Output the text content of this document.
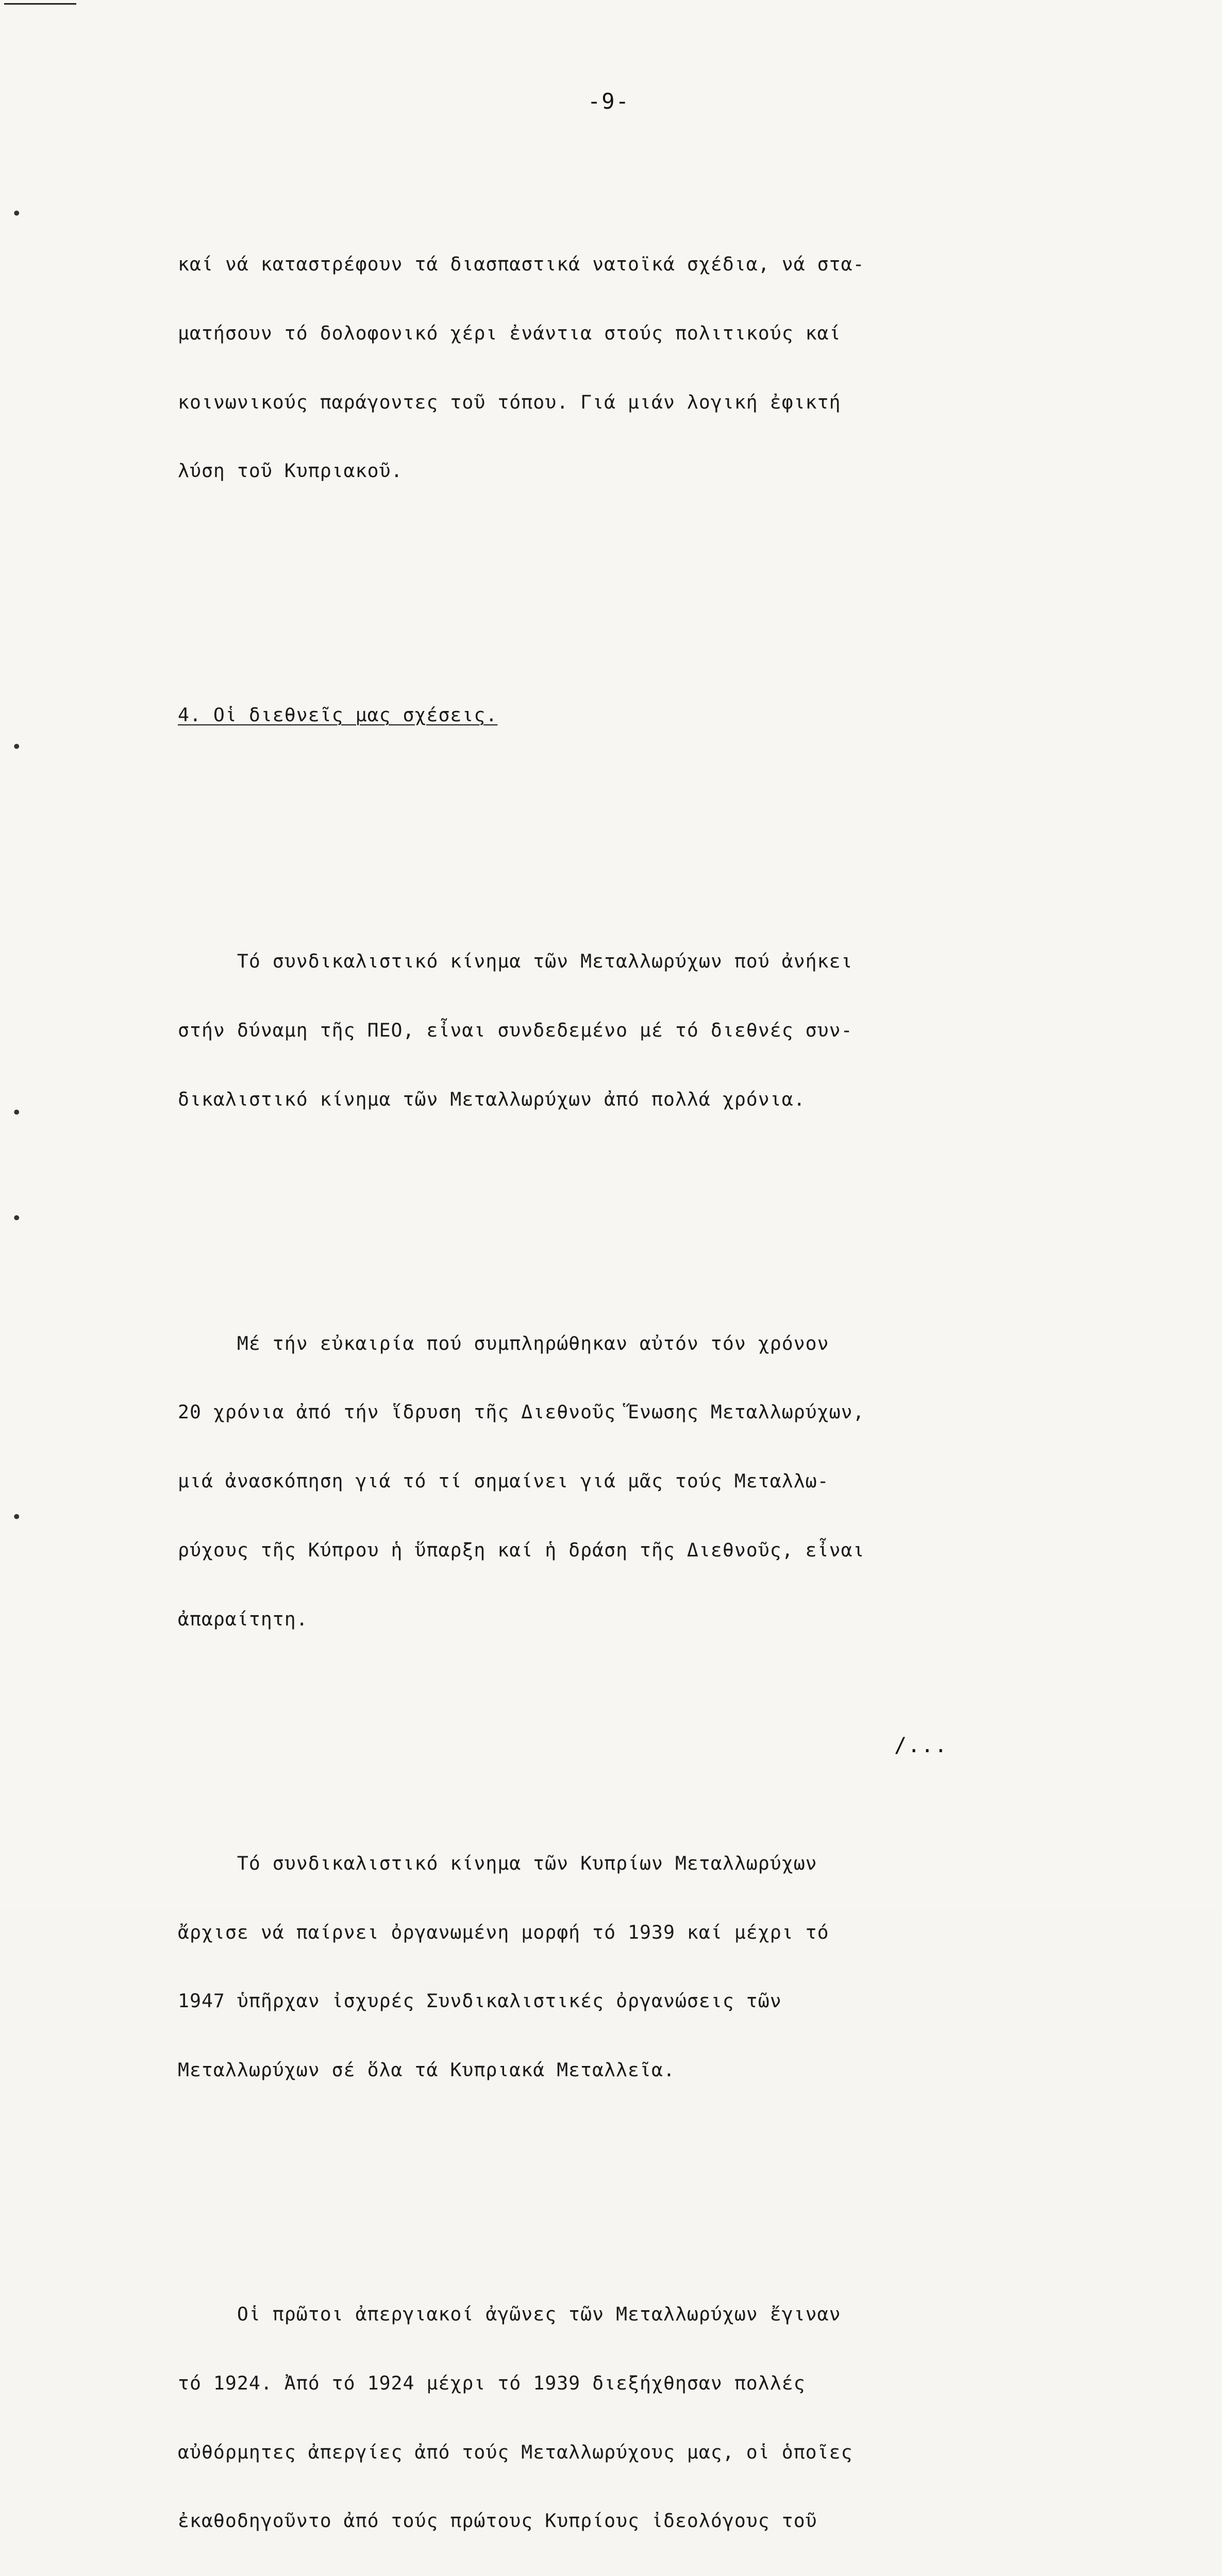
-9-

καί νά καταστρέφουν τά διασπαστικά νατοϊκά σχέδια, νά στα-

ματήσουν τό δολοφονικό χέρι ἐνάντια στούς πολιτικούς καί

κοινωνικούς παράγοντες τοῦ τόπου. Γιά μιάν λογική ἐφικτή

λύση τοῦ Κυπριακοῦ.

4. Οἱ διεθνεῖς μας σχέσεις.

Τό συνδικαλιστικό κίνημα τῶν Μεταλλωρύχων πού ἀνήκει

στήν δύναμη τῆς ΠΕΟ, εἶναι συνδεδεμένο μέ τό διεθνές συν-

δικαλιστικό κίνημα τῶν Μεταλλωρύχων ἀπό πολλά χρόνια.

Μέ τήν εὐκαιρία πού συμπληρώθηκαν αὐτόν τόν χρόνον

20 χρόνια ἀπό τήν ἵδρυση τῆς Διεθνοῦς Ἕνωσης Μεταλλωρύχων,

μιά ἀνασκόπηση γιά τό τί σημαίνει γιά μᾶς τούς Μεταλλω-

ρύχους τῆς Κύπρου ἡ ὕπαρξη καί ἡ δράση τῆς Διεθνοῦς, εἶναι

ἀπαραίτητη.

Τό συνδικαλιστικό κίνημα τῶν Κυπρίων Μεταλλωρύχων

ἄρχισε νά παίρνει ὀργανωμένη μορφή τό 1939 καί μέχρι τό

1947 ὑπῆρχαν ἰσχυρές Συνδικαλιστικές ὀργανώσεις τῶν

Μεταλλωρύχων σέ ὅλα τά Κυπριακά Μεταλλεῖα.

Οἱ πρῶτοι ἀπεργιακοί ἀγῶνες τῶν Μεταλλωρύχων ἔγιναν

τό 1924. Ἀπό τό 1924 μέχρι τό 1939 διεξήχθησαν πολλές

αὐθόρμητες ἀπεργίες ἀπό τούς Μεταλλωρύχους μας, οἱ ὁποῖες

ἐκαθοδηγοῦντο ἀπό τούς πρώτους Κυπρίους ἰδεολόγους τοῦ

/...
•
•
•
•
•
